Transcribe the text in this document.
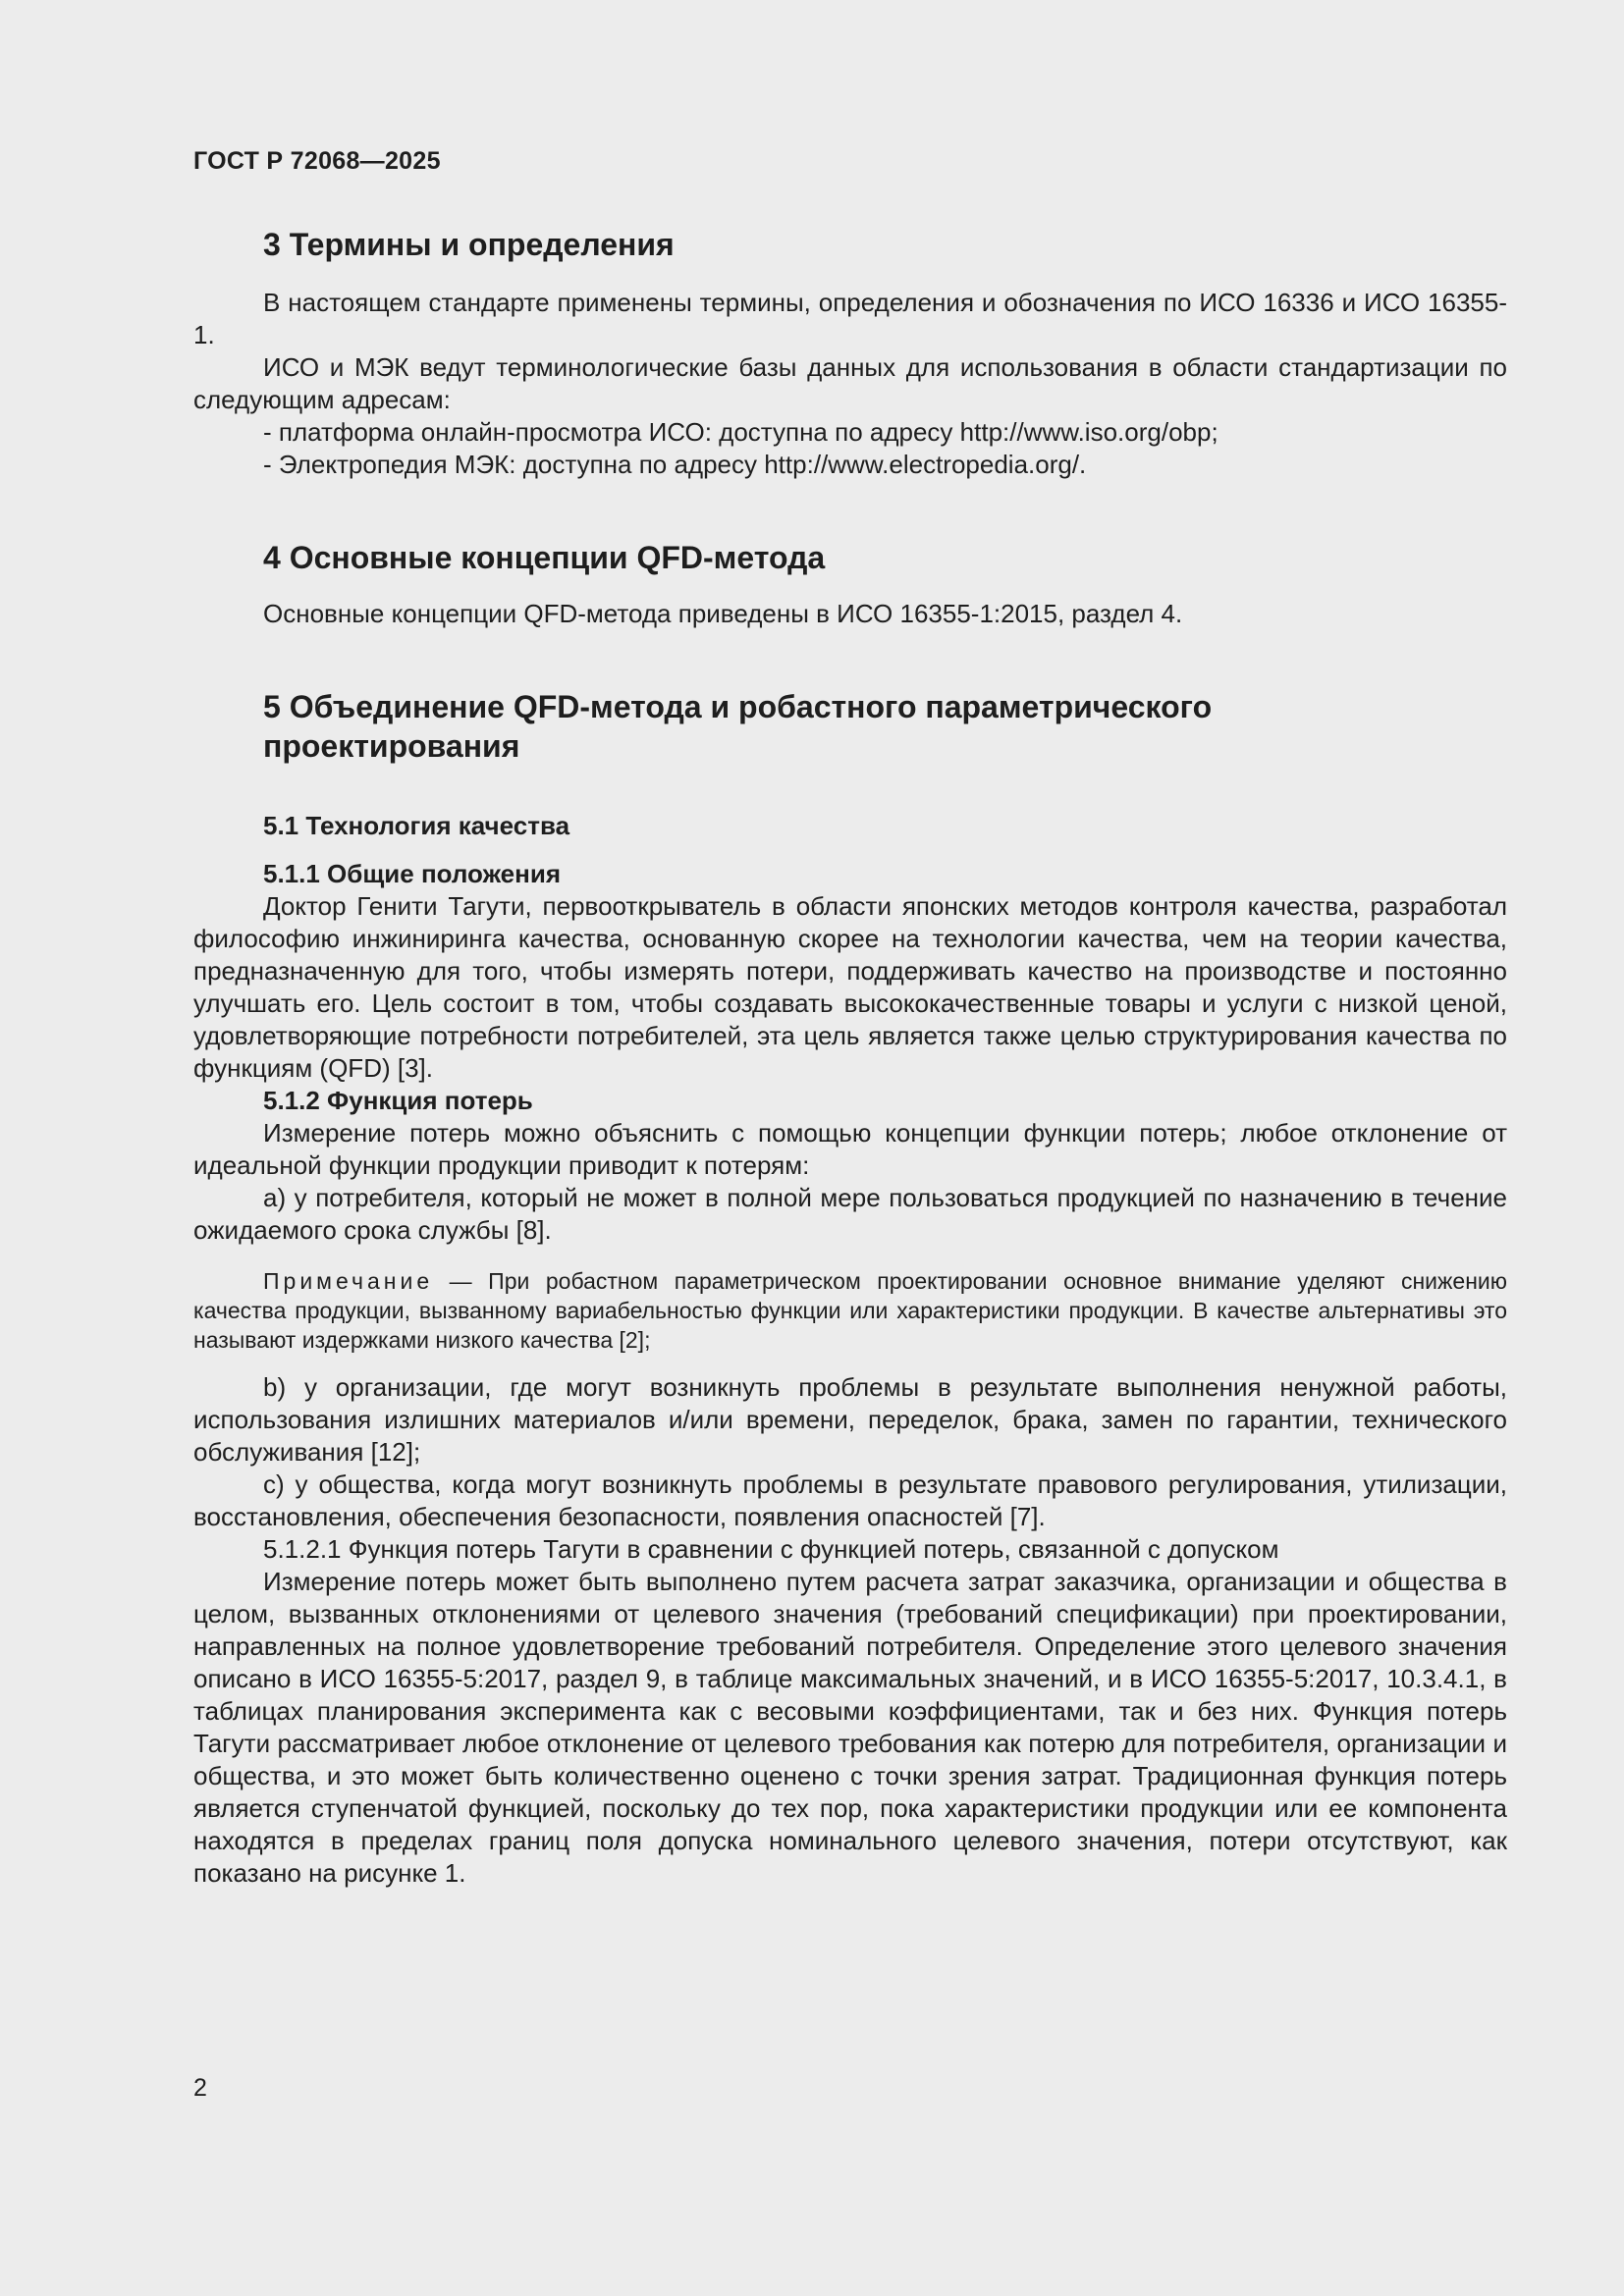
ГОСТ Р 72068—2025
3 Термины и определения

В настоящем стандарте применены термины, определения и обозначения по ИСО 16336 и ИСО 16355-1.

ИСО и МЭК ведут терминологические базы данных для использования в области стандартизации по следующим адресам:

- платформа онлайн-просмотра ИСО: доступна по адресу http://www.iso.org/obp;

- Электропедия МЭК: доступна по адресу http://www.electropedia.org/.

4 Основные концепции QFD-метода

Основные концепции QFD-метода приведены в ИСО 16355-1:2015, раздел 4.

5 Объединение QFD-метода и робастного параметрического
проектирования
5.1 Технология качества

5.1.1 Общие положения

Доктор Генити Тагути, первооткрыватель в области японских методов контроля качества, разработал философию инжиниринга качества, основанную скорее на технологии качества, чем на теории качества, предназначенную для того, чтобы измерять потери, поддерживать качество на производстве и постоянно улучшать его. Цель состоит в том, чтобы создавать высококачественные товары и услуги с низкой ценой, удовлетворяющие потребности потребителей, эта цель является также целью структурирования качества по функциям (QFD) [3].

5.1.2 Функция потерь

Измерение потерь можно объяснить с помощью концепции функции потерь; любое отклонение от идеальной функции продукции приводит к потерям:

а) у потребителя, который не может в полной мере пользоваться продукцией по назначению в течение ожидаемого срока службы [8].

Примечание — При робастном параметрическом проектировании основное внимание уделяют снижению качества продукции, вызванному вариабельностью функции или характеристики продукции. В качестве альтернативы это называют издержками низкого качества [2];

b) у организации, где могут возникнуть проблемы в результате выполнения ненужной работы, использования излишних материалов и/или времени, переделок, брака, замен по гарантии, технического обслуживания [12];

с) у общества, когда могут возникнуть проблемы в результате правового регулирования, утилизации, восстановления, обеспечения безопасности, появления опасностей [7].

5.1.2.1 Функция потерь Тагути в сравнении с функцией потерь, связанной с допуском

Измерение потерь может быть выполнено путем расчета затрат заказчика, организации и общества в целом, вызванных отклонениями от целевого значения (требований спецификации) при проектировании, направленных на полное удовлетворение требований потребителя. Определение этого целевого значения описано в ИСО 16355-5:2017, раздел 9, в таблице максимальных значений, и в ИСО 16355-5:2017, 10.3.4.1, в таблицах планирования эксперимента как с весовыми коэффициентами, так и без них. Функция потерь Тагути рассматривает любое отклонение от целевого требования как потерю для потребителя, организации и общества, и это может быть количественно оценено с точки зрения затрат. Традиционная функция потерь является ступенчатой функцией, поскольку до тех пор, пока характеристики продукции или ее компонента находятся в пределах границ поля допуска номинального целевого значения, потери отсутствуют, как показано на рисунке 1.

2
